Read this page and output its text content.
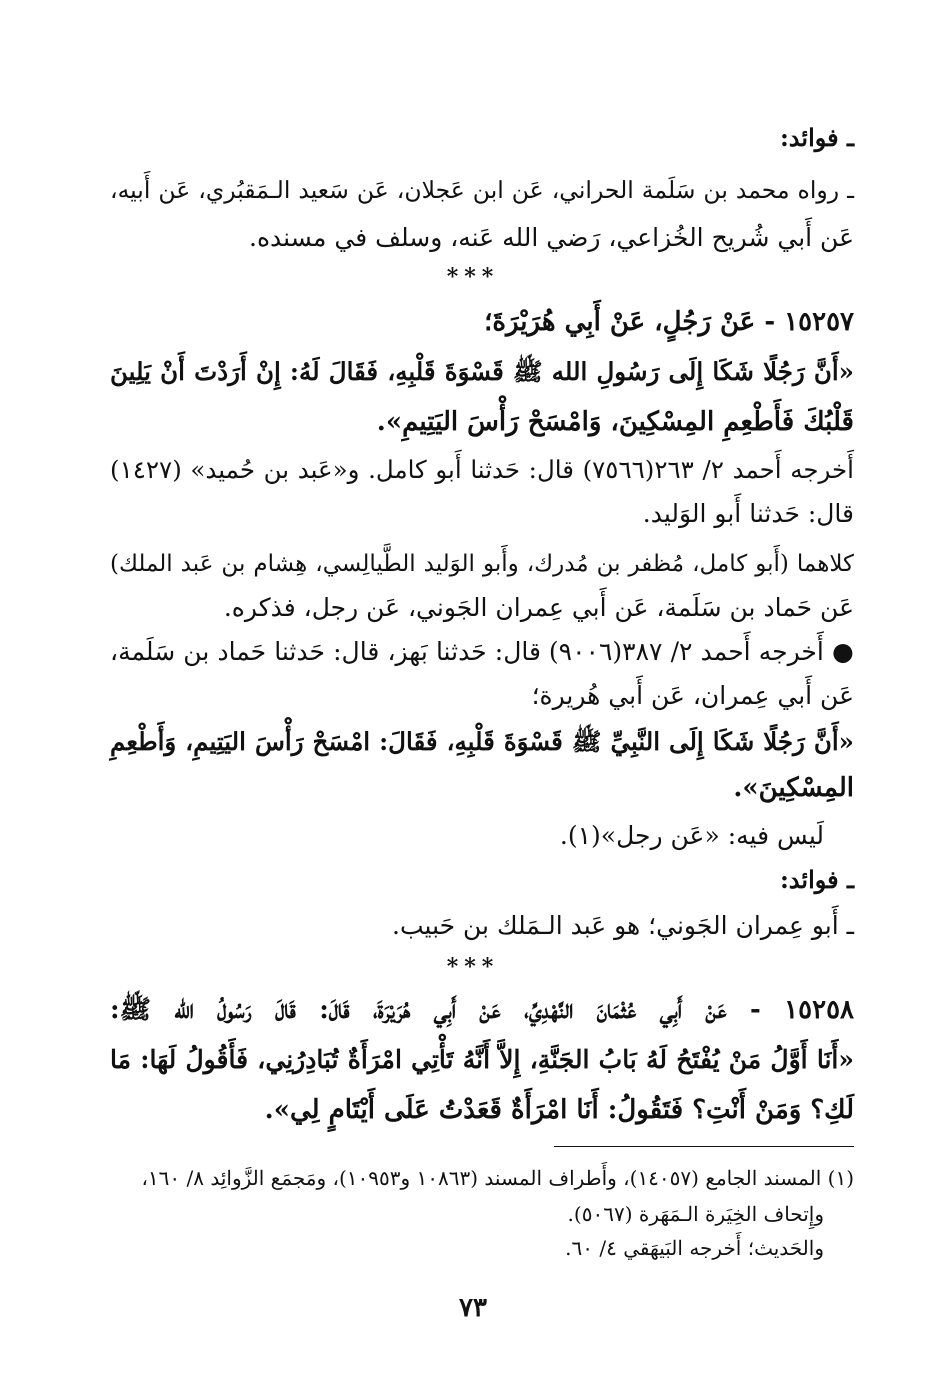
ـ فوائد:
ـ رواه محمد بن سَلَمة الحراني، عَن ابن عَجلان، عَن سَعيد الـمَقبُري، عَن أَبيه،
عَن أَبي شُريح الخُزاعي، رَضي الله عَنه، وسلف في مسنده.
***
١٥٢٥٧ - عَنْ رَجُلٍ، عَنْ أَبِي هُرَيْرَةَ؛
«أَنَّ رَجُلًا شَكَا إِلَى رَسُولِ الله ﷺ قَسْوَةَ قَلْبِهِ، فَقَالَ لَهُ: إِنْ أَرَدْتَ أَنْ يَلِينَ
قَلْبُكَ فَأَطْعِمِ المِسْكِينَ، وَامْسَحْ رَأْسَ اليَتِيمِ».
أَخرجه أَحمد ٢/ ٢٦٣(٧٥٦٦) قال: حَدثنا أَبو كامل. و«عَبد بن حُميد» (١٤٢٧)
قال: حَدثنا أَبو الوَليد.
كلاهما (أَبو كامل، مُظفر بن مُدرك، وأَبو الوَليد الطَّيالِسي، هِشام بن عَبد الملك)
عَن حَماد بن سَلَمة، عَن أَبي عِمران الجَوني، عَن رجل، فذكره.
● أَخرجه أَحمد ٢/ ٣٨٧(٩٠٠٦) قال: حَدثنا بَهز، قال: حَدثنا حَماد بن سَلَمة،
عَن أَبي عِمران، عَن أَبي هُريرة؛
«أَنَّ رَجُلًا شَكَا إِلَى النَّبِيِّ ﷺ قَسْوَةَ قَلْبِهِ، فَقَالَ: امْسَحْ رَأْسَ اليَتِيمِ، وَأَطْعِمِ
المِسْكِينَ».
لَيس فيه: «عَن رجل»(١).
ـ فوائد:
ـ أَبو عِمران الجَوني؛ هو عَبد الـمَلك بن حَبيب.
***
١٥٢٥٨ - عَنْ أَبِي عُثْمَانَ النَّهْدِيِّ، عَنْ أَبِي هُرَيْرَةَ، قَالَ: قَالَ رَسُولُ الله ﷺ:
«أَنَا أَوَّلُ مَنْ يُفْتَحُ لَهُ بَابُ الجَنَّةِ، إِلاَّ أَنَّهُ تَأْتِي امْرَأَةٌ تُبَادِرُنِي، فَأَقُولُ لَهَا: مَا
لَكِ؟ وَمَنْ أَنْتِ؟ فَتَقُولُ: أَنَا امْرَأَةٌ قَعَدْتُ عَلَى أَيْتَامٍ لِي».
(١) المسند الجامع (١٤٠٥٧)، وأَطراف المسند (١٠٨٦٣ و١٠٩٥٣)، ومَجمَع الزَّوائِد ٨/ ١٦٠،
وإِتحاف الخِيَرة الـمَهَرة (٥٠٦٧).
والحَديث؛ أَخرجه البَيهَقي ٤/ ٦٠.
٧٣
